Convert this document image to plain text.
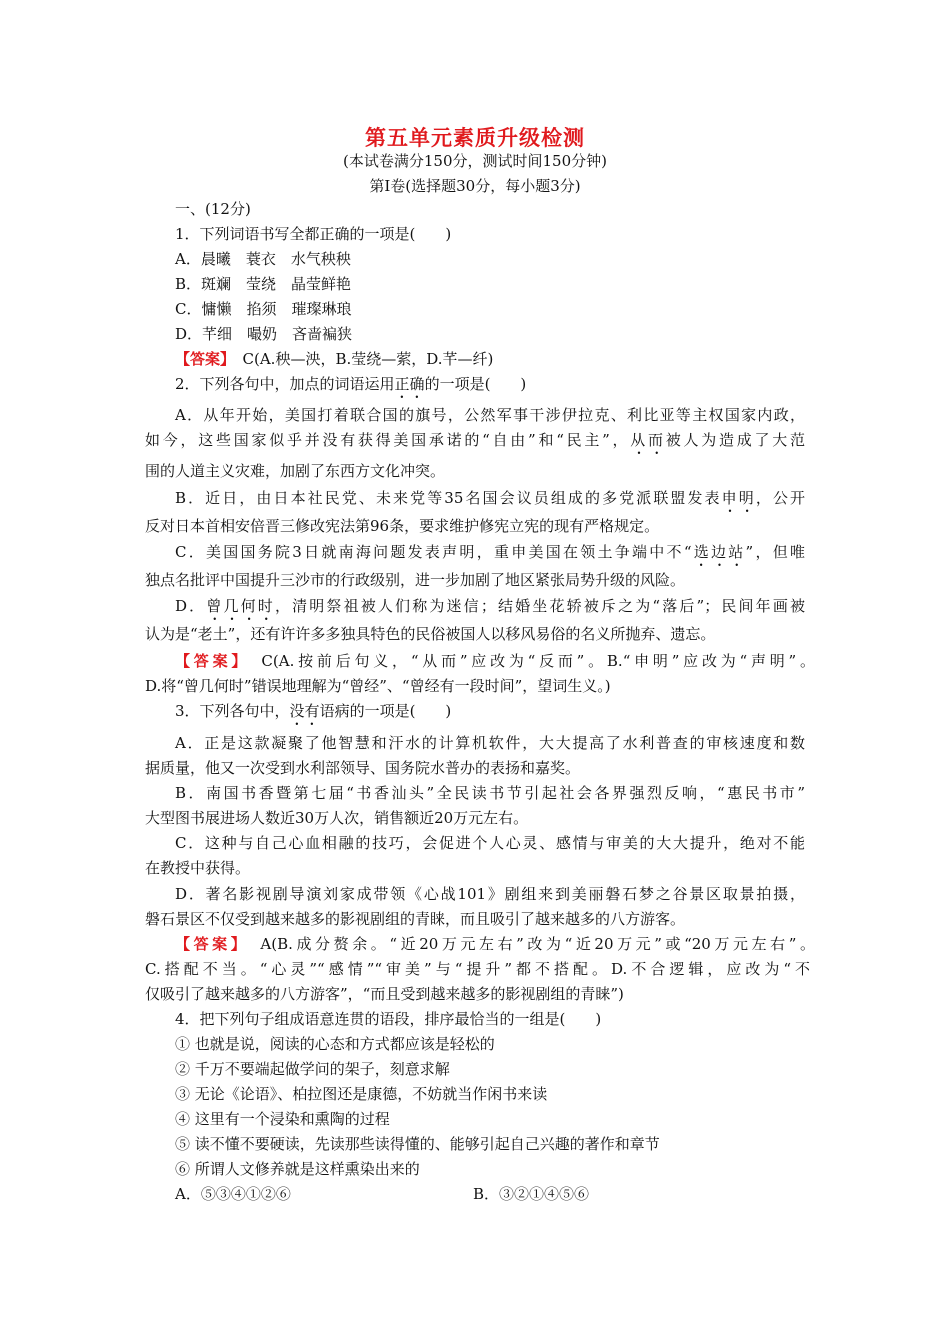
第五单元素质升级检测
(本试卷满分150分，测试时间150分钟)
第Ⅰ卷(选择题30分，每小题3分)
一、(12分)
1．下列词语书写全都正确的一项是(　　)
A．晨曦　蓑衣　水气秧秧
B．斑斓　莹绕　晶莹鲜艳
C．慵懒　掐须　璀璨琳琅
D．芊细　嘬奶　吝啬褊狭
【答案】　C(A.秧—泱，B.莹绕—萦，D.芊—纤)
2．下列各句中，加点的词语运用正确的一项是(　　)
A．从年开始，美国打着联合国的旗号，公然军事干涉伊拉克、利比亚等主权国家内政，
如今，这些国家似乎并没有获得美国承诺的“自由”和“民主”，从而被人为造成了大范
围的人道主义灾难，加剧了东西方文化冲突。
B．近日，由日本社民党、未来党等35名国会议员组成的多党派联盟发表申明，公开
反对日本首相安倍晋三修改宪法第96条，要求维护修宪立宪的现有严格规定。
C．美国国务院3日就南海问题发表声明，重申美国在领土争端中不“选边站”，但唯
独点名批评中国提升三沙市的行政级别，进一步加剧了地区紧张局势升级的风险。
D．曾几何时，清明祭祖被人们称为迷信；结婚坐花轿被斥之为“落后”；民间年画被
认为是“老土”，还有许许多多独具特色的民俗被国人以移风易俗的名义所抛弃、遗忘。
【答案】　C(A.按前后句义，“从而”应改为“反而”。B.“申明”应改为“声明”。
D.将“曾几何时”错误地理解为“曾经”、“曾经有一段时间”，望词生义。)
3．下列各句中，没有语病的一项是(　　)
A．正是这款凝聚了他智慧和汗水的计算机软件，大大提高了水利普查的审核速度和数
据质量，他又一次受到水利部领导、国务院水普办的表扬和嘉奖。
B．南国书香暨第七届“书香汕头”全民读书节引起社会各界强烈反响，“惠民书市”
大型图书展进场人数近30万人次，销售额近20万元左右。
C．这种与自己心血相融的技巧，会促进个人心灵、感情与审美的大大提升，绝对不能
在教授中获得。
D．著名影视剧导演刘家成带领《心战101》剧组来到美丽磐石梦之谷景区取景拍摄，
磐石景区不仅受到越来越多的影视剧组的青睐，而且吸引了越来越多的八方游客。
【答案】　A(B.成分赘余。“近20万元左右”改为“近20万元”或“20万元左右”。
C.搭配不当。“心灵”“感情”“审美”与“提升”都不搭配。D.不合逻辑，应改为“不
仅吸引了越来越多的八方游客”，“而且受到越来越多的影视剧组的青睐”)
4．把下列句子组成语意连贯的语段，排序最恰当的一组是(　　)
① 也就是说，阅读的心态和方式都应该是轻松的
② 千万不要端起做学问的架子，刻意求解
③ 无论《论语》、柏拉图还是康德，不妨就当作闲书来读
④ 这里有一个浸染和熏陶的过程
⑤ 读不懂不要硬读，先读那些读得懂的、能够引起自己兴趣的著作和章节
⑥ 所谓人文修养就是这样熏染出来的
A．⑤③④①②⑥	B．③②①④⑤⑥
